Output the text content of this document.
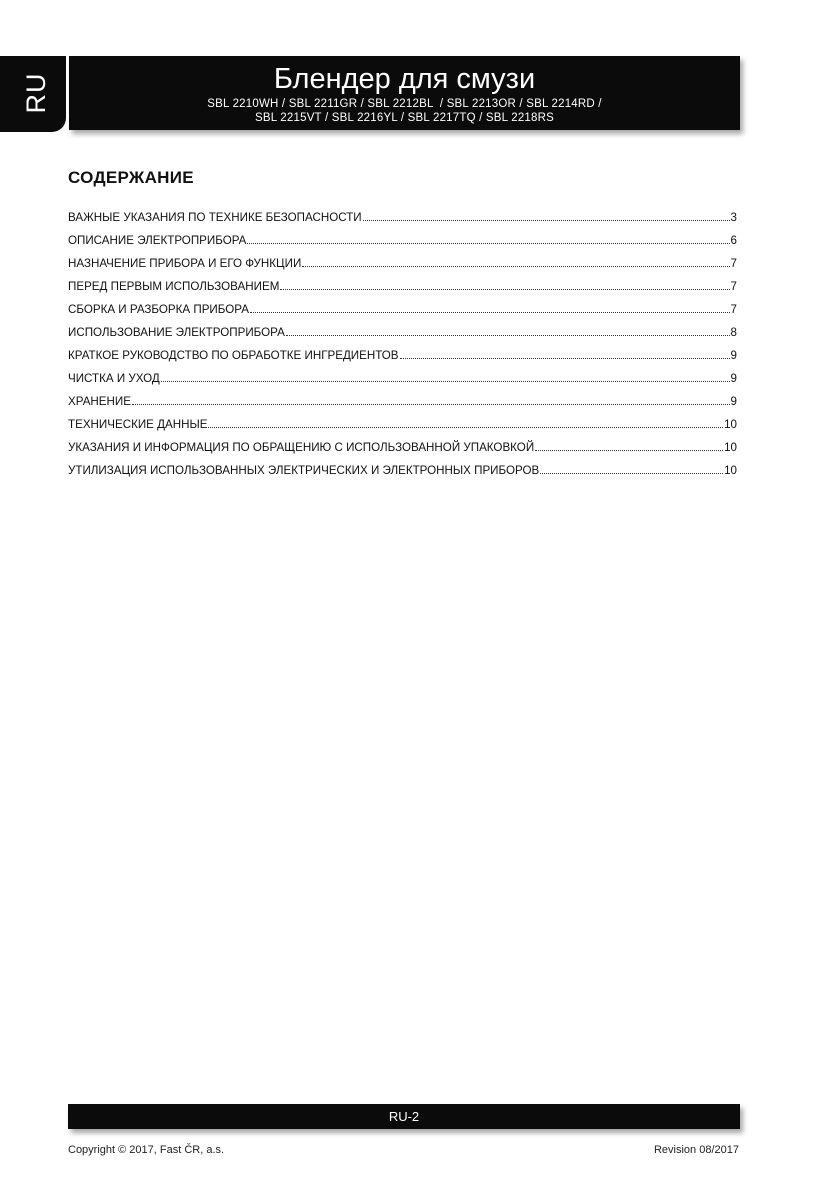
RU	Блендер для смузи
SBL 2210WH / SBL 2211GR / SBL 2212BL  / SBL 2213OR / SBL 2214RD /
SBL 2215VT / SBL 2216YL / SBL 2217TQ / SBL 2218RS
СОДЕРЖАНИЕ
ВАЖНЫЕ УКАЗАНИЯ ПО ТЕХНИКЕ БЕЗОПАСНОСТИ	3
ОПИСАНИЕ ЭЛЕКТРОПРИБОРА	6
НАЗНАЧЕНИЕ ПРИБОРА И ЕГО ФУНКЦИИ	7
ПЕРЕД ПЕРВЫМ ИСПОЛЬЗОВАНИЕМ	7
СБОРКА И РАЗБОРКА ПРИБОРА	7
ИСПОЛЬЗОВАНИЕ ЭЛЕКТРОПРИБОРА	8
КРАТКОЕ РУКОВОДСТВО ПО ОБРАБОТКЕ ИНГРЕДИЕНТОВ	9
ЧИСТКА И УХОД	9
ХРАНЕНИЕ	9
ТЕХНИЧЕСКИЕ ДАННЫЕ	10
УКАЗАНИЯ И ИНФОРМАЦИЯ ПО ОБРАЩЕНИЮ С ИСПОЛЬЗОВАННОЙ УПАКОВКОЙ	10
УТИЛИЗАЦИЯ ИСПОЛЬЗОВАННЫХ ЭЛЕКТРИЧЕСКИХ И ЭЛЕКТРОННЫХ ПРИБОРОВ	10
RU-2
Copyright © 2017, Fast ČR, a.s.	Revision 08/2017
